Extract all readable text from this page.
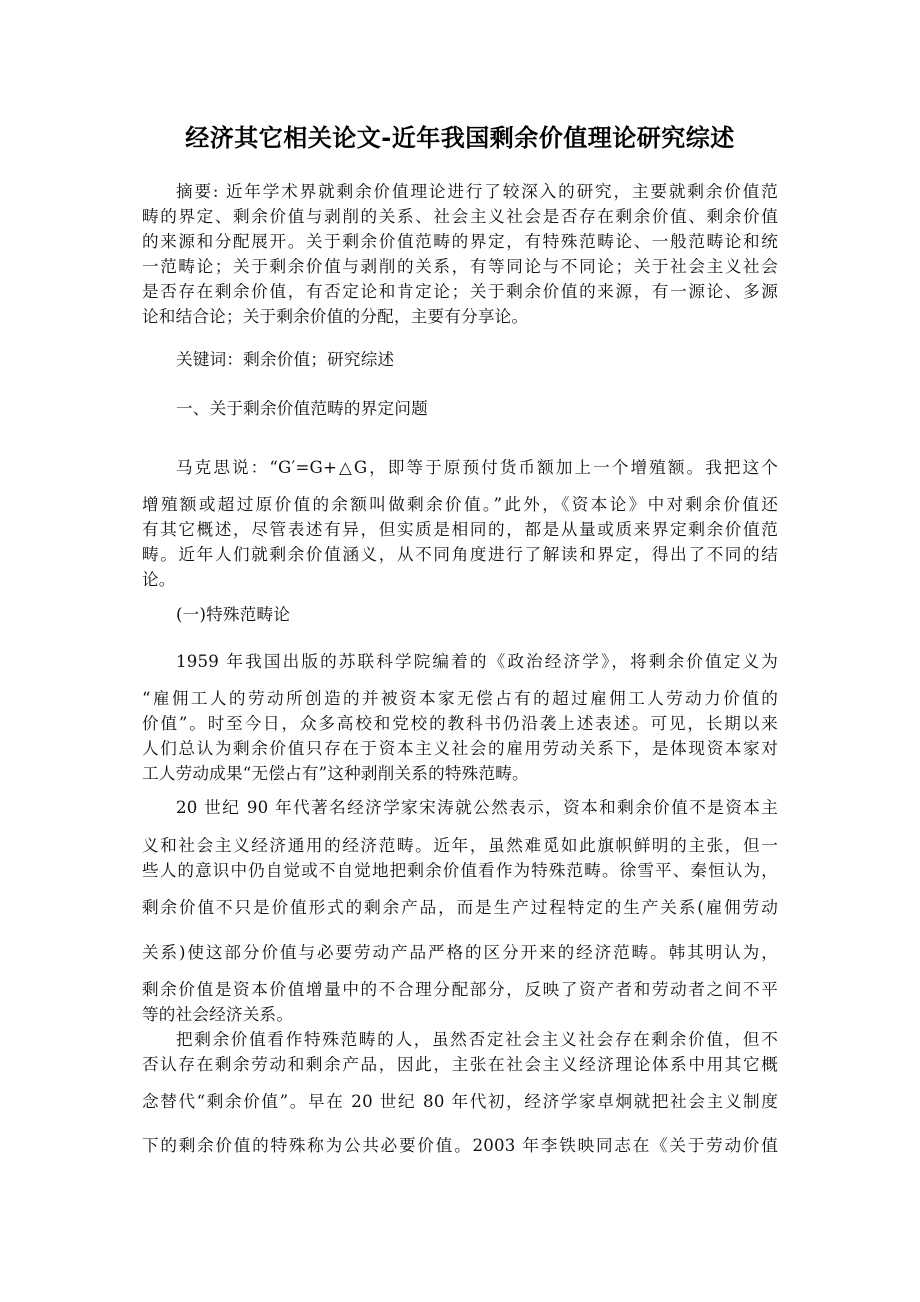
经济其它相关论文-近年我国剩余价值理论研究综述
摘要: 近年学术界就剩余价值理论进行了较深入的研究，主要就剩余价值范
畴的界定、剩余价值与剥削的关系、社会主义社会是否存在剩余价值、剩余价值
的来源和分配展开。关于剩余价值范畴的界定，有特殊范畴论、一般范畴论和统
一范畴论；关于剩余价值与剥削的关系，有等同论与不同论；关于社会主义社会
是否存在剩余价值，有否定论和肯定论；关于剩余价值的来源，有一源论、多源
论和结合论；关于剩余价值的分配，主要有分享论。
关键词：剩余价值；研究综述
一、关于剩余价值范畴的界定问题
马克思说：“G′=G+△G，即等于原预付货币额加上一个增殖额。我把这个
增殖额或超过原价值的余额叫做剩余价值。”此外，《资本论》中对剩余价值还
有其它概述，尽管表述有异，但实质是相同的，都是从量或质来界定剩余价值范
畴。近年人们就剩余价值涵义，从不同角度进行了解读和界定，得出了不同的结
论。
(一)特殊范畴论
1959 年我国出版的苏联科学院编着的《政治经济学》，将剩余价值定义为
“雇佣工人的劳动所创造的并被资本家无偿占有的超过雇佣工人劳动力价值的
价值”。时至今日，众多高校和党校的教科书仍沿袭上述表述。可见，长期以来
人们总认为剩余价值只存在于资本主义社会的雇用劳动关系下，是体现资本家对
工人劳动成果“无偿占有”这种剥削关系的特殊范畴。
20 世纪 90 年代著名经济学家宋涛就公然表示，资本和剩余价值不是资本主
义和社会主义经济通用的经济范畴。近年，虽然难觅如此旗帜鲜明的主张，但一
些人的意识中仍自觉或不自觉地把剩余价值看作为特殊范畴。徐雪平、秦恒认为，
剩余价值不只是价值形式的剩余产品，而是生产过程特定的生产关系(雇佣劳动
关系)使这部分价值与必要劳动产品严格的区分开来的经济范畴。韩其明认为，
剩余价值是资本价值增量中的不合理分配部分，反映了资产者和劳动者之间不平
等的社会经济关系。
把剩余价值看作特殊范畴的人，虽然否定社会主义社会存在剩余价值，但不
否认存在剩余劳动和剩余产品，因此，主张在社会主义经济理论体系中用其它概
念替代“剩余价值”。早在 20 世纪 80 年代初，经济学家卓炯就把社会主义制度
下的剩余价值的特殊称为公共必要价值。2003 年李铁映同志在《关于劳动价值
